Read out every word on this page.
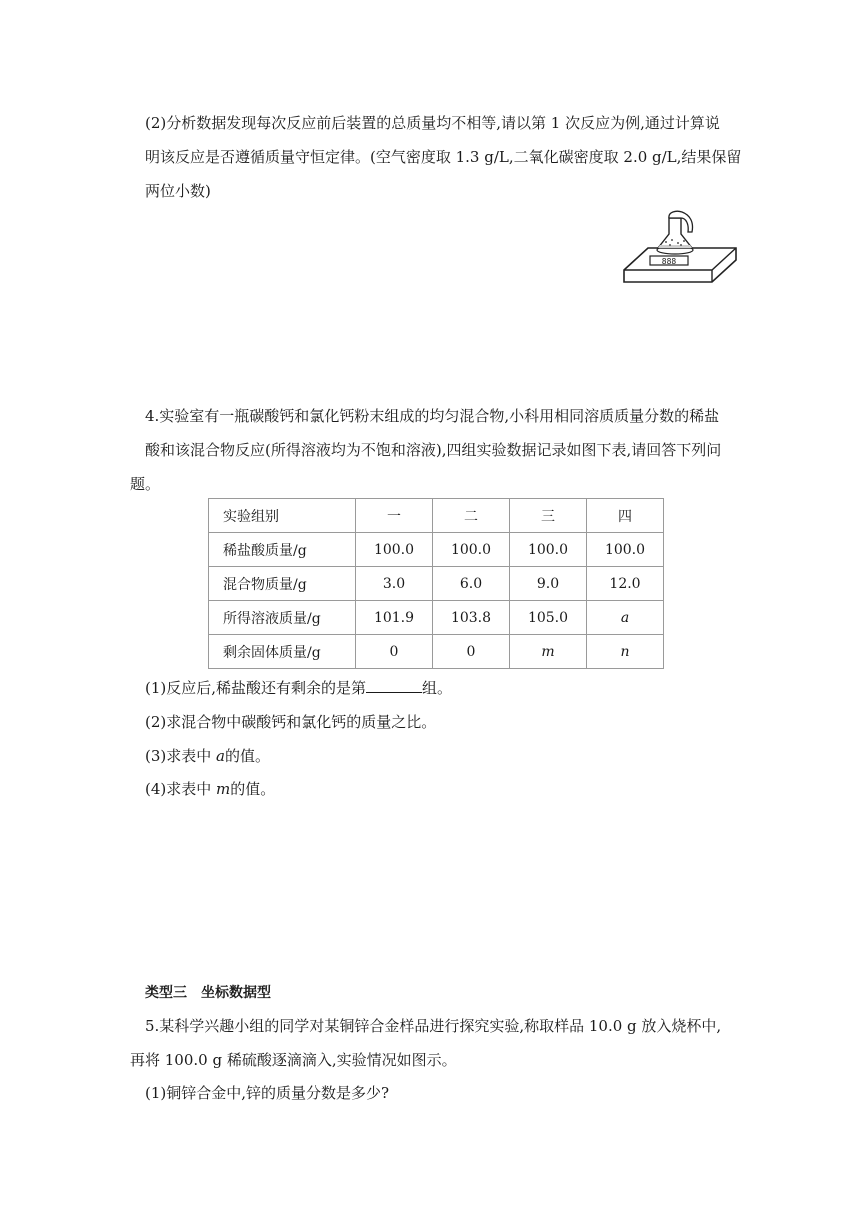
(2)分析数据发现每次反应前后装置的总质量均不相等,请以第 1 次反应为例,通过计算说
明该反应是否遵循质量守恒定律。(空气密度取 1.3 g/L,二氧化碳密度取 2.0 g/L,结果保留
两位小数)
888
4.实验室有一瓶碳酸钙和氯化钙粉末组成的均匀混合物,小科用相同溶质质量分数的稀盐
酸和该混合物反应(所得溶液均为不饱和溶液),四组实验数据记录如图下表,请回答下列问
题。
实验组别	一	二	三	四
稀盐酸质量/g	100.0	100.0	100.0	100.0
混合物质量/g	3.0	6.0	9.0	12.0
所得溶液质量/g	101.9	103.8	105.0	a
剩余固体质量/g	0	0	m	n
(1)反应后,稀盐酸还有剩余的是第	组。
(2)求混合物中碳酸钙和氯化钙的质量之比。
(3)求表中 a的值。
(4)求表中 m的值。
类型三　坐标数据型
5.某科学兴趣小组的同学对某铜锌合金样品进行探究实验,称取样品 10.0 g 放入烧杯中,
再将 100.0 g 稀硫酸逐滴滴入,实验情况如图示。
(1)铜锌合金中,锌的质量分数是多少?
